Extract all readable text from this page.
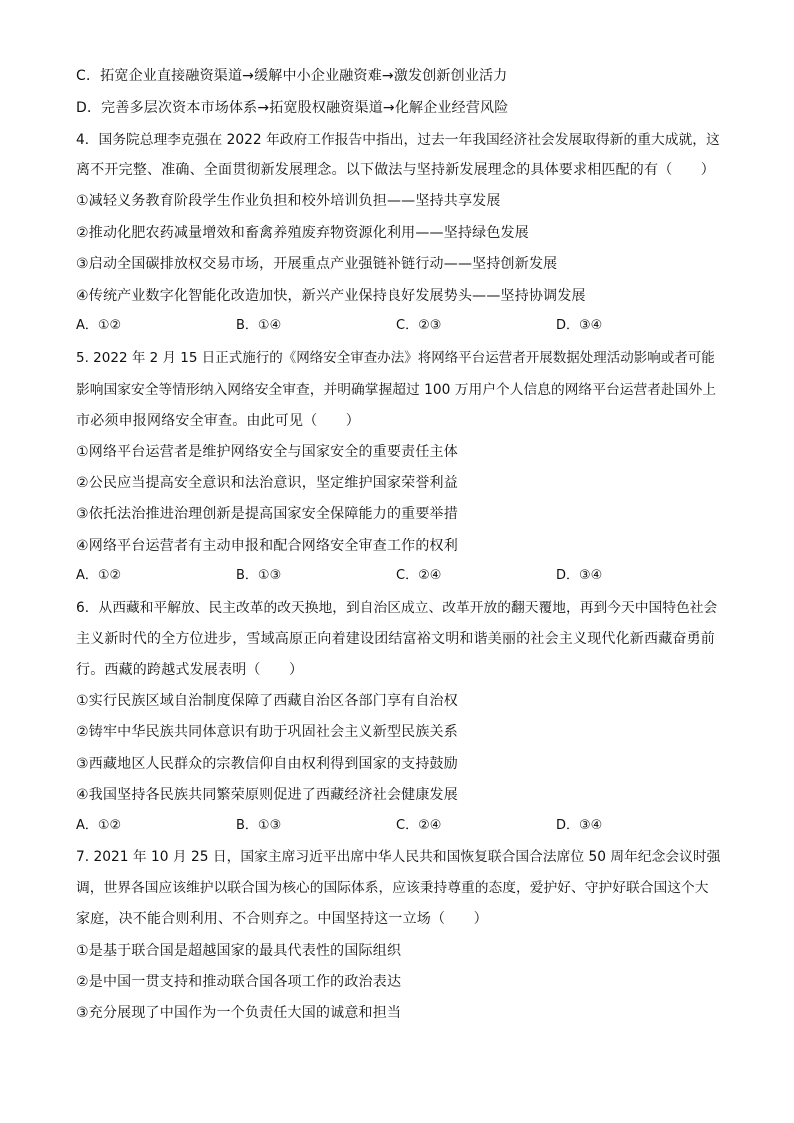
C．拓宽企业直接融资渠道→缓解中小企业融资难→激发创新创业活力
D．完善多层次资本市场体系→拓宽股权融资渠道→化解企业经营风险
4．国务院总理李克强在 2022 年政府工作报告中指出，过去一年我国经济社会发展取得新的重大成就，这
离不开完整、准确、全面贯彻新发展理念。以下做法与坚持新发展理念的具体要求相匹配的有（　　）
①减轻义务教育阶段学生作业负担和校外培训负担——坚持共享发展
②推动化肥农药减量增效和畜禽养殖废弃物资源化利用——坚持绿色发展
③启动全国碳排放权交易市场，开展重点产业强链补链行动——坚持创新发展
④传统产业数字化智能化改造加快，新兴产业保持良好发展势头——坚持协调发展
A．①②	B．①④	C．②③	D．③④
5. 2022 年 2 月 15 日正式施行的《网络安全审查办法》将网络平台运营者开展数据处理活动影响或者可能
影响国家安全等情形纳入网络安全审查，并明确掌握超过 100 万用户个人信息的网络平台运营者赴国外上
市必须申报网络安全审查。由此可见（　　）
①网络平台运营者是维护网络安全与国家安全的重要责任主体
②公民应当提高安全意识和法治意识，坚定维护国家荣誉利益
③依托法治推进治理创新是提高国家安全保障能力的重要举措
④网络平台运营者有主动申报和配合网络安全审查工作的权利
A．①②	B．①③	C．②④	D．③④
6．从西藏和平解放、民主改革的改天换地，到自治区成立、改革开放的翻天覆地，再到今天中国特色社会
主义新时代的全方位进步，雪域高原正向着建设团结富裕文明和谐美丽的社会主义现代化新西藏奋勇前
行。西藏的跨越式发展表明（　　）
①实行民族区域自治制度保障了西藏自治区各部门享有自治权
②铸牢中华民族共同体意识有助于巩固社会主义新型民族关系
③西藏地区人民群众的宗教信仰自由权利得到国家的支持鼓励
④我国坚持各民族共同繁荣原则促进了西藏经济社会健康发展
A．①②	B．①③	C．②④	D．③④
7. 2021 年 10 月 25 日，国家主席习近平出席中华人民共和国恢复联合国合法席位 50 周年纪念会议时强
调，世界各国应该维护以联合国为核心的国际体系，应该秉持尊重的态度，爱护好、守护好联合国这个大
家庭，决不能合则利用、不合则弃之。中国坚持这一立场（　　）
①是基于联合国是超越国家的最具代表性的国际组织
②是中国一贯支持和推动联合国各项工作的政治表达
③充分展现了中国作为一个负责任大国的诚意和担当
